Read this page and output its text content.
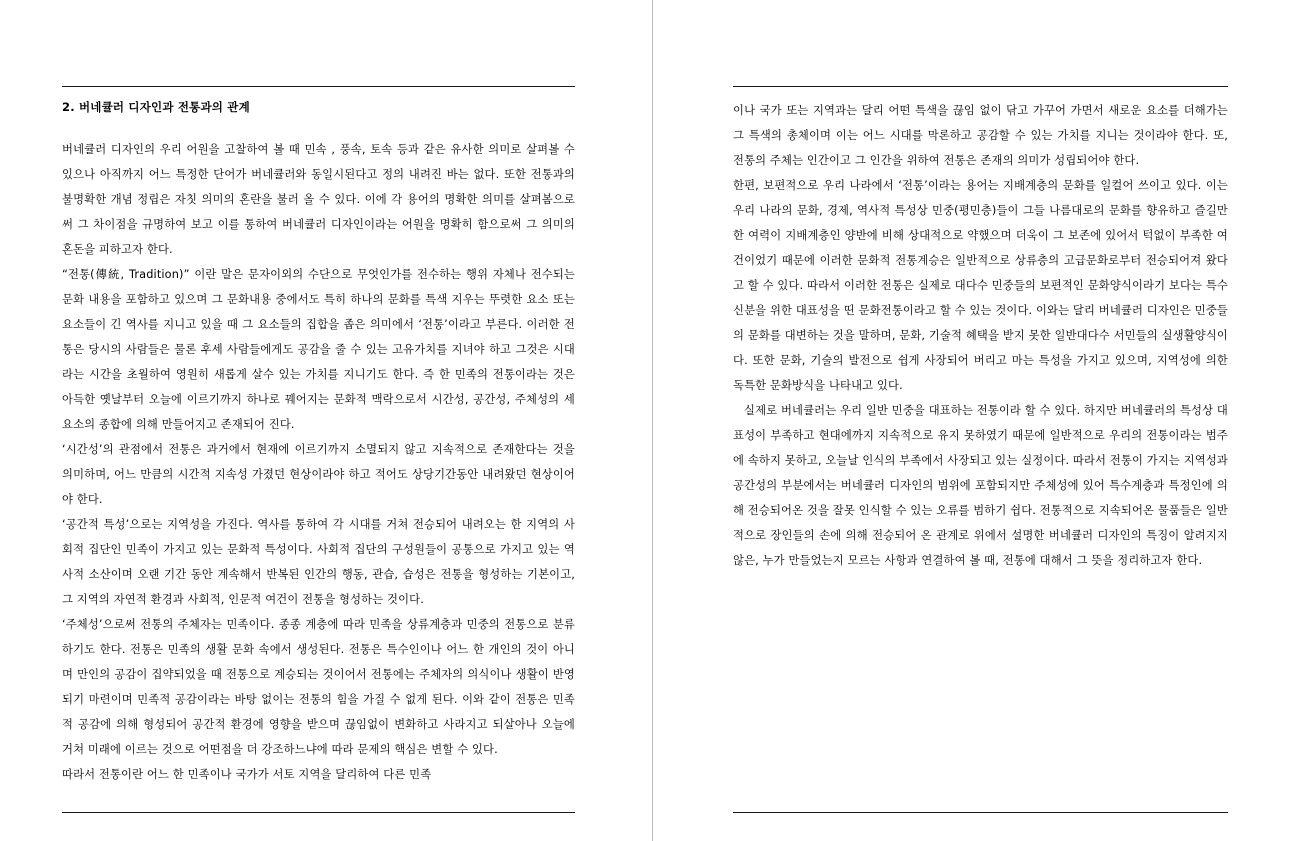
2. 버네큘러 디자인과 전통과의 관계

버네큘러 디자인의 우리 어원을 고찰하여 볼 때 민속 , 풍속, 토속 등과 같은 유사한 의미로 살펴볼 수 있으나 아직까지 어느 특정한 단어가 버네큘러와 동일시된다고 정의 내려진 바는 없다. 또한 전통과의 불명확한 개념 정립은 자칫 의미의 혼란을 불러 올 수 있다. 이에 각 용어의 명확한 의미를 살펴봄으로써 그 차이점을 규명하여 보고 이를 통하여 버네큘러 디자인이라는 어원을 명확히 함으로써 그 의미의 혼돈을 피하고자 한다.

“전통(傳統, Tradition)” 이란 말은 문자이외의 수단으로 무엇인가를 전수하는 행위 자체나 전수되는 문화 내용을 포함하고 있으며 그 문화내용 중에서도 특히 하나의 문화를 특색 지우는 뚜렷한 요소 또는 요소들이 긴 역사를 지니고 있을 때 그 요소들의 집합을 좁은 의미에서 ‘전통’이라고 부른다. 이러한 전통은 당시의 사람들은 물론 후세 사람들에게도 공감을 줄 수 있는 고유가치를 지녀야 하고 그것은 시대라는 시간을 초월하여 영원히 새롭게 살수 있는 가치를 지니기도 한다. 즉 한 민족의 전통이라는 것은 아득한 옛날부터 오늘에 이르기까지 하나로 꿰어지는 문화적 맥락으로서 시간성, 공간성, 주체성의 세 요소의 종합에 의해 만들어지고 존재되어 진다.

‘시간성’의 관점에서 전통은 과거에서 현재에 이르기까지 소멸되지 않고 지속적으로 존재한다는 것을 의미하며, 어느 만큼의 시간적 지속성 가졌던 현상이라야 하고 적어도 상당기간동안 내려왔던 현상이어야 한다.

‘공간적 특성’으로는 지역성을 가진다. 역사를 통하여 각 시대를 거쳐 전승되어 내려오는 한 지역의 사회적 집단인 민족이 가지고 있는 문화적 특성이다. 사회적 집단의 구성원들이 공통으로 가지고 있는 역사적 소산이며 오랜 기간 동안 계속해서 반복된 인간의 행동, 관습, 습성은 전통을 형성하는 기본이고, 그 지역의 자연적 환경과 사회적, 인문적 여건이 전통을 형성하는 것이다.

‘주체성’으로써 전통의 주체자는 민족이다. 종종 계층에 따라 민족을 상류계층과 민중의 전통으로 분류하기도 한다. 전통은 민족의 생활 문화 속에서 생성된다. 전통은 특수인이나 어느 한 개인의 것이 아니며 만인의 공감이 집약되었을 때 전통으로 계승되는 것이어서 전통에는 주체자의 의식이나 생활이 반영되기 마련이며 민족적 공감이라는 바탕 없이는 전통의 힘을 가질 수 없게 된다. 이와 같이 전통은 민족적 공감에 의해 형성되어 공간적 환경에 영향을 받으며 끊임없이 변화하고 사라지고 되살아나 오늘에 거쳐 미래에 이르는 것으로 어떤점을 더 강조하느냐에 따라 문제의 핵심은 변할 수 있다.

따라서 전통이란 어느 한 민족이나 국가가 서토 지역을 달리하여 다른 민족

이나 국가 또는 지역과는 달리 어떤 특색을 끊임 없이 닦고 가꾸어 가면서 새로운 요소를 더해가는 그 특색의 총체이며 이는 어느 시대를 막론하고 공감할 수 있는 가치를 지니는 것이라야 한다. 또, 전통의 주체는 인간이고 그 인간을 위하여 전통은 존재의 의미가 성립되어야 한다.

한편, 보편적으로 우리 나라에서 ‘전통’이라는 용어는 지배계층의 문화를 일컬어 쓰이고 있다. 이는 우리 나라의 문화, 경제, 역사적 특성상 민중(평민층)들이 그들 나름대로의 문화를 향유하고 즐길만한 여력이 지배계층인 양반에 비해 상대적으로 약했으며 더욱이 그 보존에 있어서 턱없이 부족한 여건이었기 때문에 이러한 문화적 전통계승은 일반적으로 상류층의 고급문화로부터 전승되어져 왔다고 할 수 있다. 따라서 이러한 전통은 실제로 대다수 민중들의 보편적인 문화양식이라기 보다는 특수 신분을 위한 대표성을 띤 문화전통이라고 할 수 있는 것이다. 이와는 달리 버네큘러 디자인은 민중들의 문화를 대변하는 것을 말하며, 문화, 기술적 혜택을 받지 못한 일반대다수 서민들의 실생활양식이다. 또한 문화, 기술의 발전으로 쉽게 사장되어 버리고 마는 특성을 가지고 있으며, 지역성에 의한 독특한 문화방식을 나타내고 있다.

실제로 버네큘러는 우리 일반 민중을 대표하는 전통이라 할 수 있다. 하지만 버네큘러의 특성상 대표성이 부족하고 현대에까지 지속적으로 유지 못하였기 때문에 일반적으로 우리의 전통이라는 범주에 속하지 못하고, 오늘날 인식의 부족에서 사장되고 있는 실정이다. 따라서 전통이 가지는 지역성과 공간성의 부분에서는 버네큘러 디자인의 범위에 포함되지만 주체성에 있어 특수계층과 특정인에 의해 전승되어온 것을 잘못 인식할 수 있는 오류를 범하기 쉽다. 전통적으로 지속되어온 물품들은 일반적으로 장인들의 손에 의해 전승되어 온 관계로 위에서 설명한 버네큘러 디자인의 특징이 알려지지 않은, 누가 만들었는지 모르는 사항과 연결하여 볼 때, 전통에 대해서 그 뜻을 정리하고자 한다.
